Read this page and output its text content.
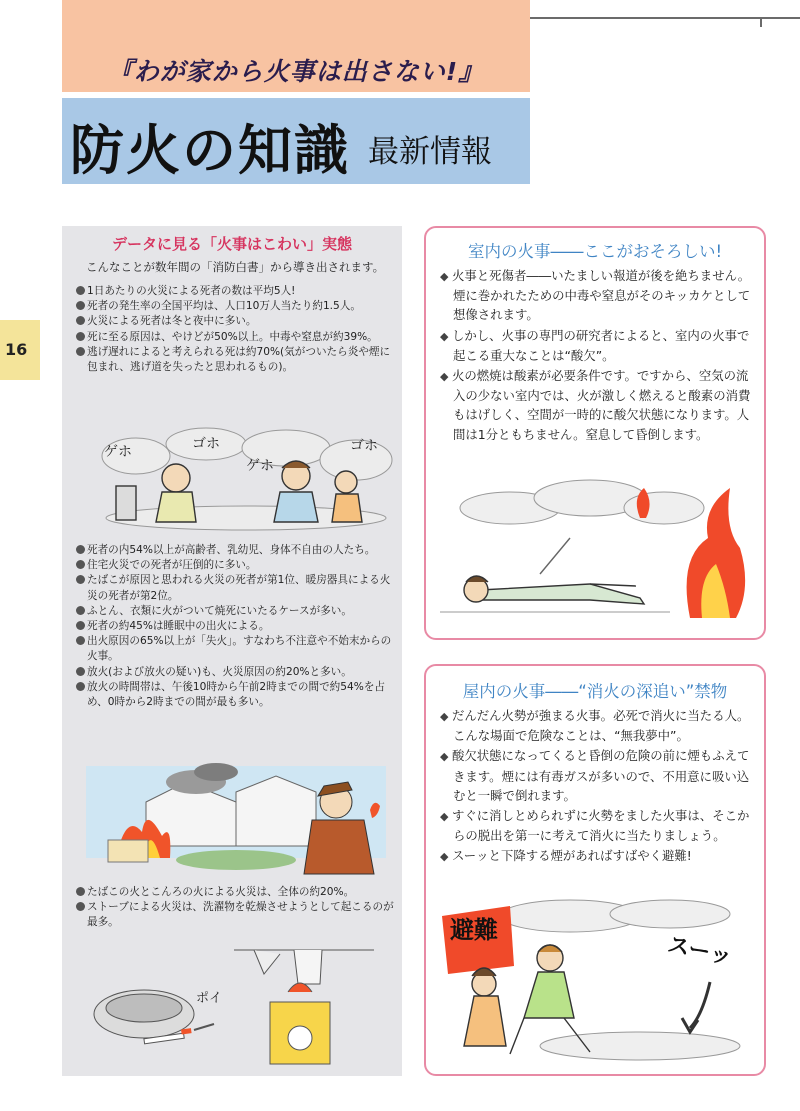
『わが家から火事は出さない!』
防火の知識 最新情報
16
データに見る「火事はこわい」実態
こんなことが数年間の「消防白書」から導き出されます。
1日あたりの火災による死者の数は平均5人!
死者の発生率の全国平均は、人口10万人当たり約1.5人。
火災による死者は冬と夜中に多い。
死に至る原因は、やけどが50%以上。中毒や窒息が約39%。
逃げ遅れによると考えられる死は約70%(気がついたら炎や煙に包まれ、逃げ道を失ったと思われるもの)。
ゲホ	ゴホ
ゲホ
ゴホ
死者の内54%以上が高齢者、乳幼児、身体不自由の人たち。
住宅火災での死者が圧倒的に多い。
たばこが原因と思われる火災の死者が第1位、暖房器具による火災の死者が第2位。
ふとん、衣類に火がついて焼死にいたるケースが多い。
死者の約45%は睡眠中の出火による。
出火原因の65%以上が「失火」。すなわち不注意や不始末からの火事。
放火(および放火の疑い)も、火災原因の約20%と多い。
放火の時間帯は、午後10時から午前2時までの間で約54%を占め、0時から2時までの間が最も多い。
たばこの火とこんろの火による火災は、全体の約20%。
ストーブによる火災は、洗濯物を乾燥させようとして起こるのが最多。
ポイ
室内の火事――ここがおそろしい!
◆ 火事と死傷者――いたましい報道が後を絶ちません。煙に巻かれたための中毒や窒息がそのキッカケとして想像されます。
◆ しかし、火事の専門の研究者によると、室内の火事で起こる重大なことは“酸欠”。
◆ 火の燃焼は酸素が必要条件です。ですから、空気の流入の少ない室内では、火が激しく燃えると酸素の消費もはげしく、空間が一時的に酸欠状態になります。人間は1分ともちません。窒息して昏倒します。
屋内の火事――“消火の深追い”禁物
◆ だんだん火勢が強まる火事。必死で消火に当たる人。こんな場面で危険なことは、“無我夢中”。
◆ 酸欠状態になってくると昏倒の危険の前に煙もふえてきます。煙には有毒ガスが多いので、不用意に吸い込むと一瞬で倒れます。
◆ すぐに消しとめられずに火勢をました火事は、そこからの脱出を第一に考えて消火に当たりましょう。
◆ スーッと下降する煙があればすばやく避難!
避難
スーッ
